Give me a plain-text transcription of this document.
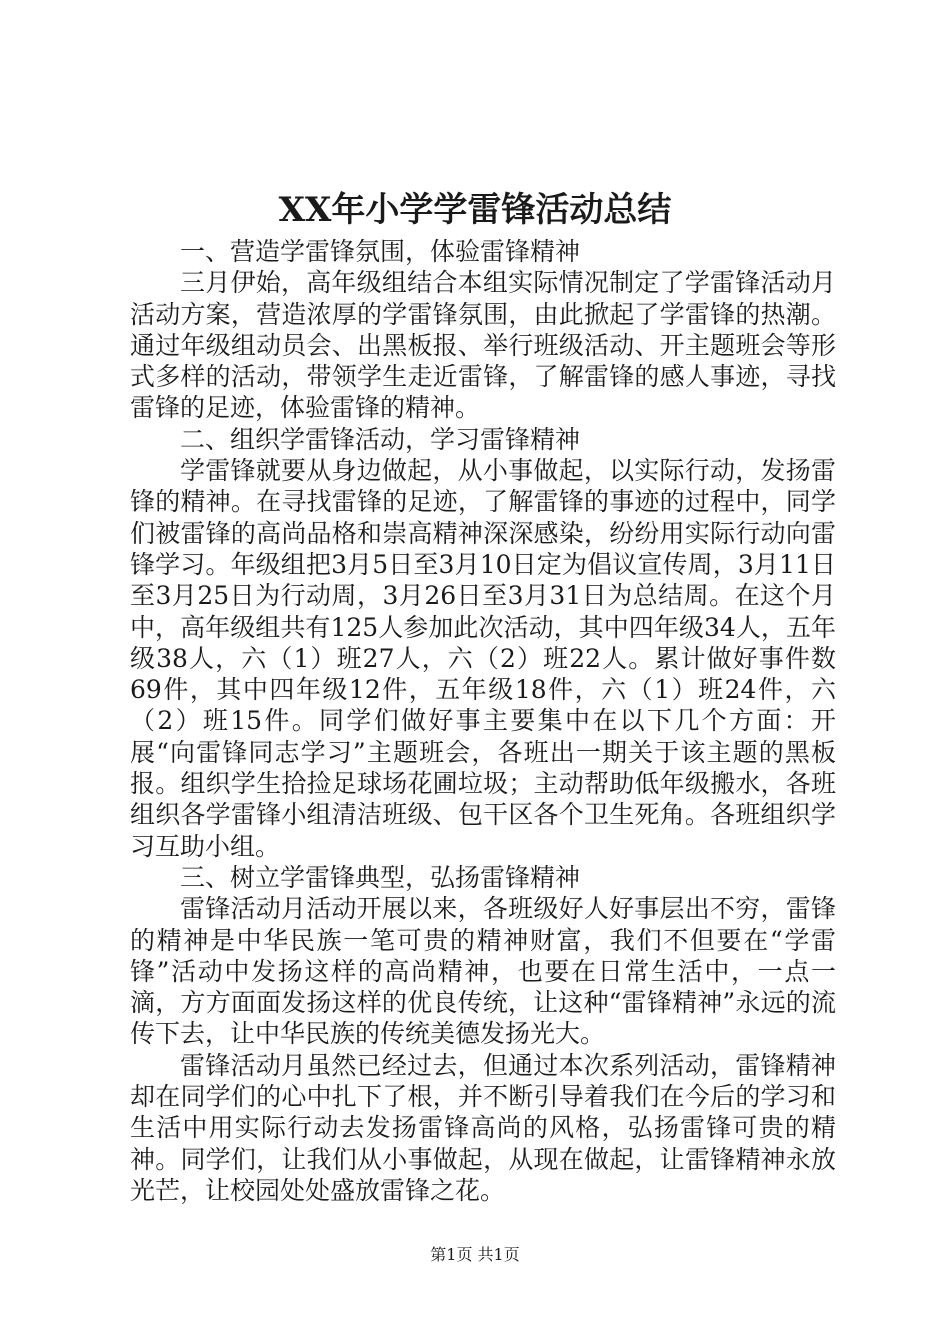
XX年小学学雷锋活动总结

一、营造学雷锋氛围，体验雷锋精神

三月伊始，高年级组结合本组实际情况制定了学雷锋活动月活动方案，营造浓厚的学雷锋氛围，由此掀起了学雷锋的热潮。通过年级组动员会、出黑板报、举行班级活动、开主题班会等形式多样的活动，带领学生走近雷锋，了解雷锋的感人事迹，寻找雷锋的足迹，体验雷锋的精神。

二、组织学雷锋活动，学习雷锋精神

学雷锋就要从身边做起，从小事做起，以实际行动，发扬雷锋的精神。在寻找雷锋的足迹，了解雷锋的事迹的过程中，同学们被雷锋的高尚品格和崇高精神深深感染，纷纷用实际行动向雷锋学习。年级组把3月5日至3月10日定为倡议宣传周，3月11日至3月25日为行动周，3月26日至3月31日为总结周。在这个月中，高年级组共有125人参加此次活动，其中四年级34人，五年级38人，六（1）班27人，六（2）班22人。累计做好事件数69件，其中四年级12件，五年级18件，六（1）班24件，六（2）班15件。同学们做好事主要集中在以下几个方面：开展“向雷锋同志学习”主题班会，各班出一期关于该主题的黑板报。组织学生拾捡足球场花圃垃圾；主动帮助低年级搬水，各班组织各学雷锋小组清洁班级、包干区各个卫生死角。各班组织学习互助小组。

三、树立学雷锋典型，弘扬雷锋精神

雷锋活动月活动开展以来，各班级好人好事层出不穷，雷锋的精神是中华民族一笔可贵的精神财富，我们不但要在“学雷锋”活动中发扬这样的高尚精神，也要在日常生活中，一点一滴，方方面面发扬这样的优良传统，让这种“雷锋精神”永远的流传下去，让中华民族的传统美德发扬光大。

雷锋活动月虽然已经过去，但通过本次系列活动，雷锋精神却在同学们的心中扎下了根，并不断引导着我们在今后的学习和生活中用实际行动去发扬雷锋高尚的风格，弘扬雷锋可贵的精神。同学们，让我们从小事做起，从现在做起，让雷锋精神永放光芒，让校园处处盛放雷锋之花。

第1页 共1页
